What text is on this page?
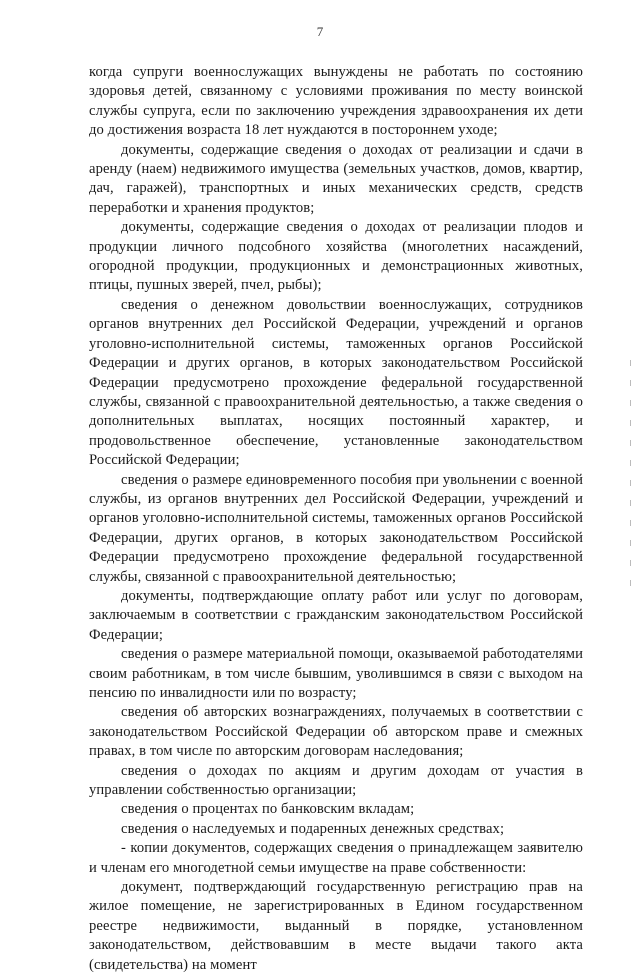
7

когда супруги военнослужащих вынуждены не работать по состоянию здоровья детей, связанному с условиями проживания по месту воинской службы супруга, если по заключению учреждения здравоохранения их дети до достижения возраста 18 лет нуждаются в постороннем уходе;

документы, содержащие сведения о доходах от реализации и сдачи в аренду (наем) недвижимого имущества (земельных участков, домов, квартир, дач, гаражей), транспортных и иных механических средств, средств переработки и хранения продуктов;

документы, содержащие сведения о доходах от реализации плодов и продукции личного подсобного хозяйства (многолетних насаждений, огородной продукции, продукционных и демонстрационных животных, птицы, пушных зверей, пчел, рыбы);

сведения о денежном довольствии военнослужащих, сотрудников органов внутренних дел Российской Федерации, учреждений и органов уголовно-исполнительной системы, таможенных органов Российской Федерации и других органов, в которых законодательством Российской Федерации предусмотрено прохождение федеральной государственной службы, связанной с правоохранительной деятельностью, а также сведения о дополнительных выплатах, носящих постоянный характер, и продовольственное обеспечение, установленные законодательством Российской Федерации;

сведения о размере единовременного пособия при увольнении с военной службы, из органов внутренних дел Российской Федерации, учреждений и органов уголовно-исполнительной системы, таможенных органов Российской Федерации, других органов, в которых законодательством Российской Федерации предусмотрено прохождение федеральной государственной службы, связанной с правоохранительной деятельностью;

документы, подтверждающие оплату работ или услуг по договорам, заключаемым в соответствии с гражданским законодательством Российской Федерации;

сведения о размере материальной помощи, оказываемой работодателями своим работникам, в том числе бывшим, уволившимся в связи с выходом на пенсию по инвалидности или по возрасту;

сведения об авторских вознаграждениях, получаемых в соответствии с законодательством Российской Федерации об авторском праве и смежных правах, в том числе по авторским договорам наследования;

сведения о доходах по акциям и другим доходам от участия в управлении собственностью организации;

сведения о процентах по банковским вкладам;

сведения о наследуемых и подаренных денежных средствах;

- копии документов, содержащих сведения о принадлежащем заявителю и членам его многодетной семьи имуществе на праве собственности:

документ, подтверждающий государственную регистрацию прав на жилое помещение, не зарегистрированных в Едином государственном реестре недвижимости, выданный в порядке, установленном законодательством, действовавшим в месте выдачи такого акта (свидетельства) на момент
